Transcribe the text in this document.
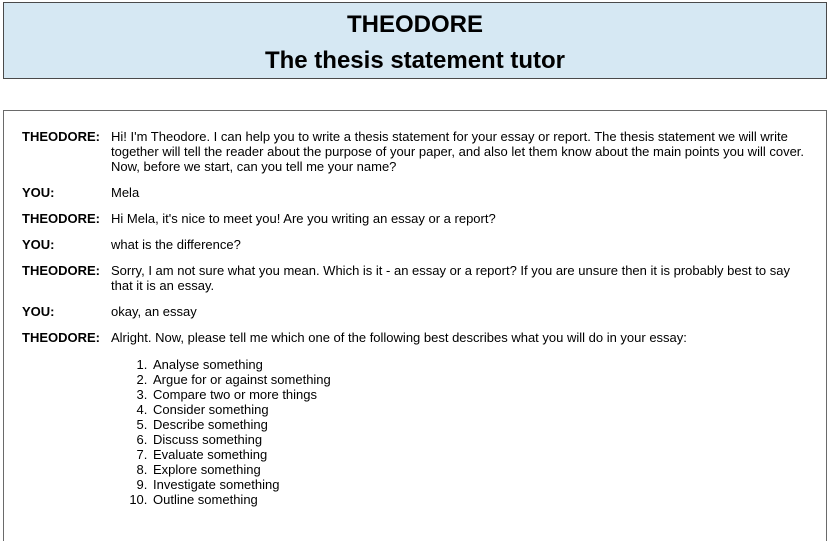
THEODORE
The thesis statement tutor
THEODORE: Hi! I'm Theodore. I can help you to write a thesis statement for your essay or report. The thesis statement we will write together will tell the reader about the purpose of your paper, and also let them know about the main points you will cover. Now, before we start, can you tell me your name?
YOU:	Mela
THEODORE: Hi Mela, it's nice to meet you! Are you writing an essay or a report?
YOU:	what is the difference?
THEODORE: Sorry, I am not sure what you mean. Which is it - an essay or a report? If you are unsure then it is probably best to say that it is an essay.
YOU:	okay, an essay
THEODORE: Alright. Now, please tell me which one of the following best describes what you will do in your essay:
1. Analyse something
2. Argue for or against something
3. Compare two or more things
4. Consider something
5. Describe something
6. Discuss something
7. Evaluate something
8. Explore something
9. Investigate something
10. Outline something
